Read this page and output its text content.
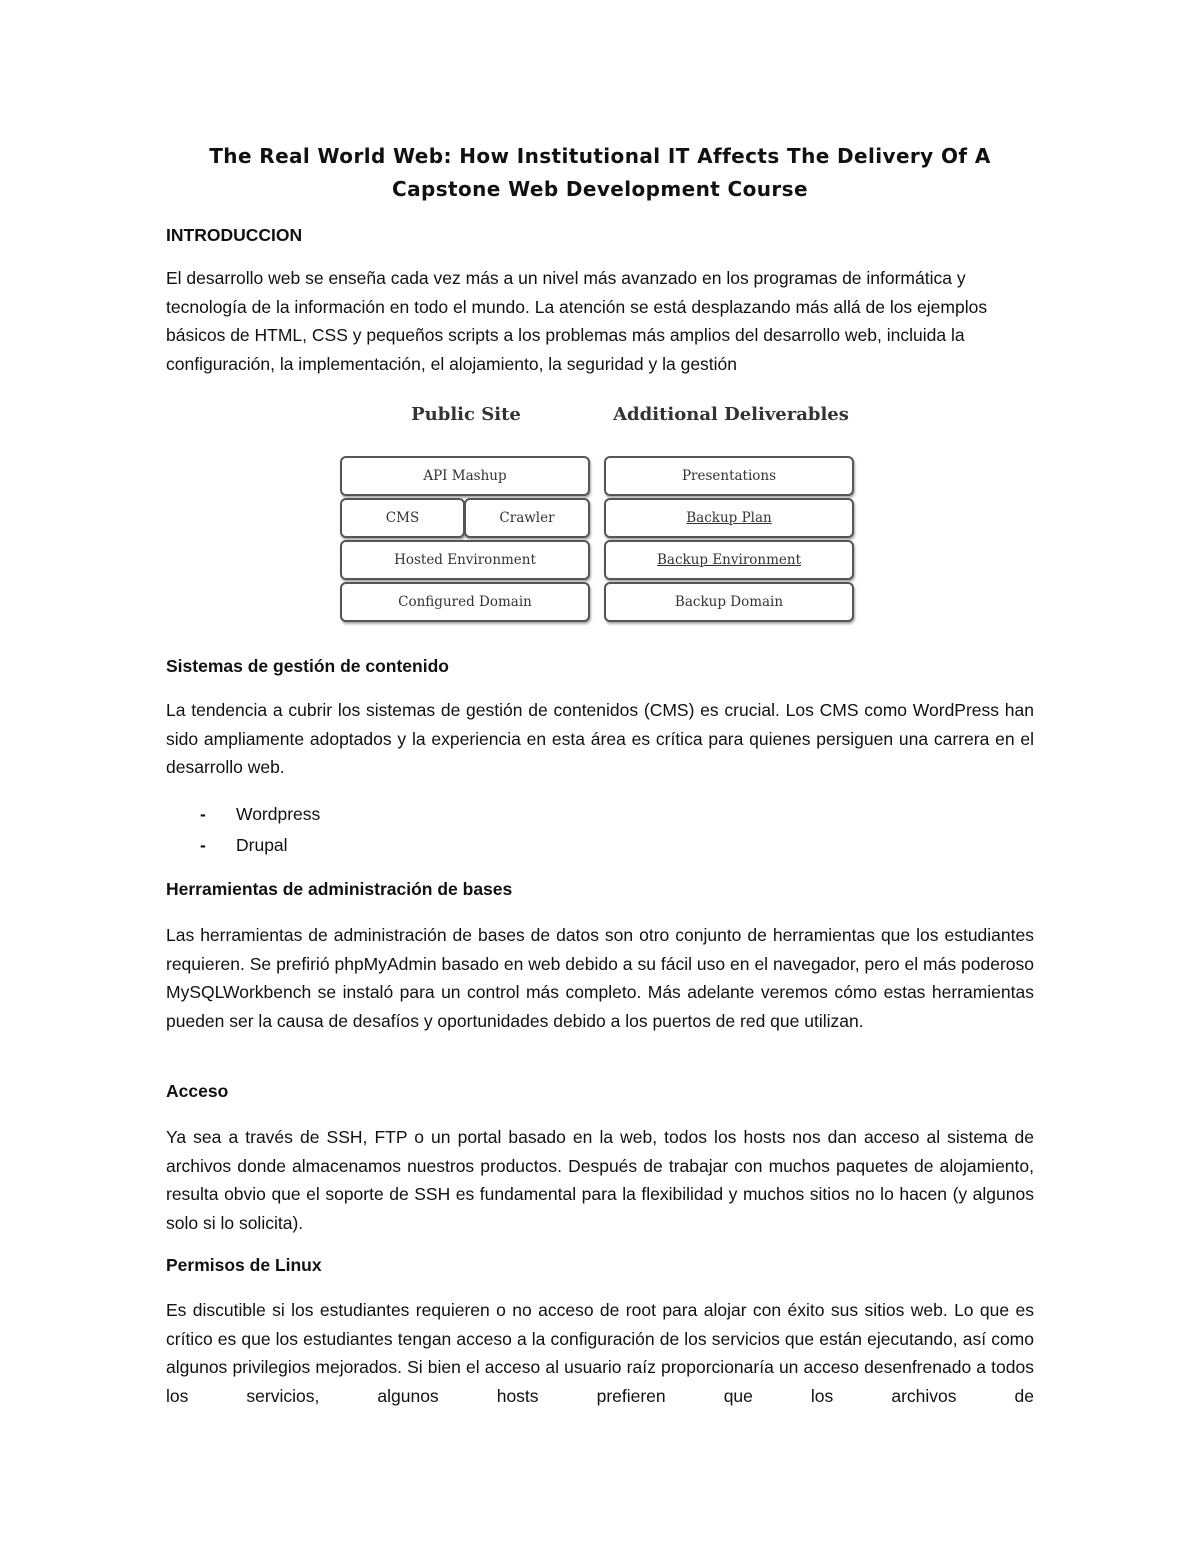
The Real World Web: How Institutional IT Affects The Delivery Of A
Capstone Web Development Course
INTRODUCCION

El desarrollo web se enseña cada vez más a un nivel más avanzado en los programas de informática y tecnología de la información en todo el mundo. La atención se está desplazando más allá de los ejemplos básicos de HTML, CSS y pequeños scripts a los problemas más amplios del desarrollo web, incluida la configuración, la implementación, el alojamiento, la seguridad y la gestión

Public Site	Additional Deliverables
API Mashup
CMS	Crawler
Hosted Environment
Configured Domain
Presentations
Backup Plan
Backup Environment
Backup Domain
Sistemas de gestión de contenido

La tendencia a cubrir los sistemas de gestión de contenidos (CMS) es crucial. Los CMS como WordPress han sido ampliamente adoptados y la experiencia en esta área es crítica para quienes persiguen una carrera en el desarrollo web.

- Wordpress
- Drupal
Herramientas de administración de bases

Las herramientas de administración de bases de datos son otro conjunto de herramientas que los estudiantes requieren. Se prefirió phpMyAdmin basado en web debido a su fácil uso en el navegador, pero el más poderoso MySQLWorkbench se instaló para un control más completo. Más adelante veremos cómo estas herramientas pueden ser la causa de desafíos y oportunidades debido a los puertos de red que utilizan.

Acceso

Ya sea a través de SSH, FTP o un portal basado en la web, todos los hosts nos dan acceso al sistema de archivos donde almacenamos nuestros productos. Después de trabajar con muchos paquetes de alojamiento, resulta obvio que el soporte de SSH es fundamental para la flexibilidad y muchos sitios no lo hacen (y algunos solo si lo solicita).

Permisos de Linux

Es discutible si los estudiantes requieren o no acceso de root para alojar con éxito sus sitios web. Lo que es crítico es que los estudiantes tengan acceso a la configuración de los servicios que están ejecutando, así como algunos privilegios mejorados. Si bien el acceso al usuario raíz proporcionaría un acceso desenfrenado a todos los servicios, algunos hosts prefieren que los archivos de
